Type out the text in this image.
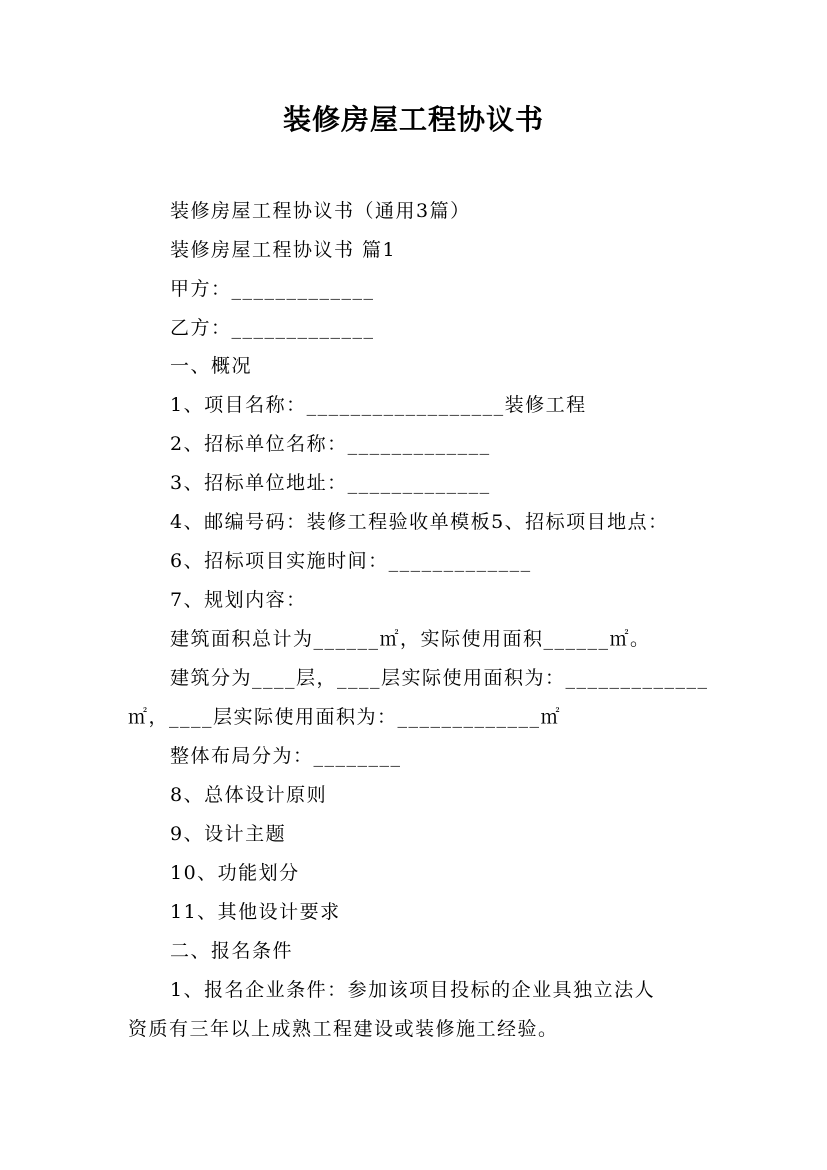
装修房屋工程协议书
装修房屋工程协议书（通用3篇）
装修房屋工程协议书 篇1
甲方：_____________
乙方：_____________
一、概况
1、项目名称：__________________装修工程
2、招标单位名称：_____________
3、招标单位地址：_____________
4、邮编号码：装修工程验收单模板5、招标项目地点：
6、招标项目实施时间：_____________
7、规划内容：
建筑面积总计为______㎡，实际使用面积______㎡。
建筑分为____层，____层实际使用面积为：_____________
㎡，____层实际使用面积为：_____________㎡
整体布局分为：________
8、总体设计原则
9、设计主题
10、功能划分
11、其他设计要求
二、报名条件
1、报名企业条件：参加该项目投标的企业具独立法人
资质有三年以上成熟工程建设或装修施工经验。
